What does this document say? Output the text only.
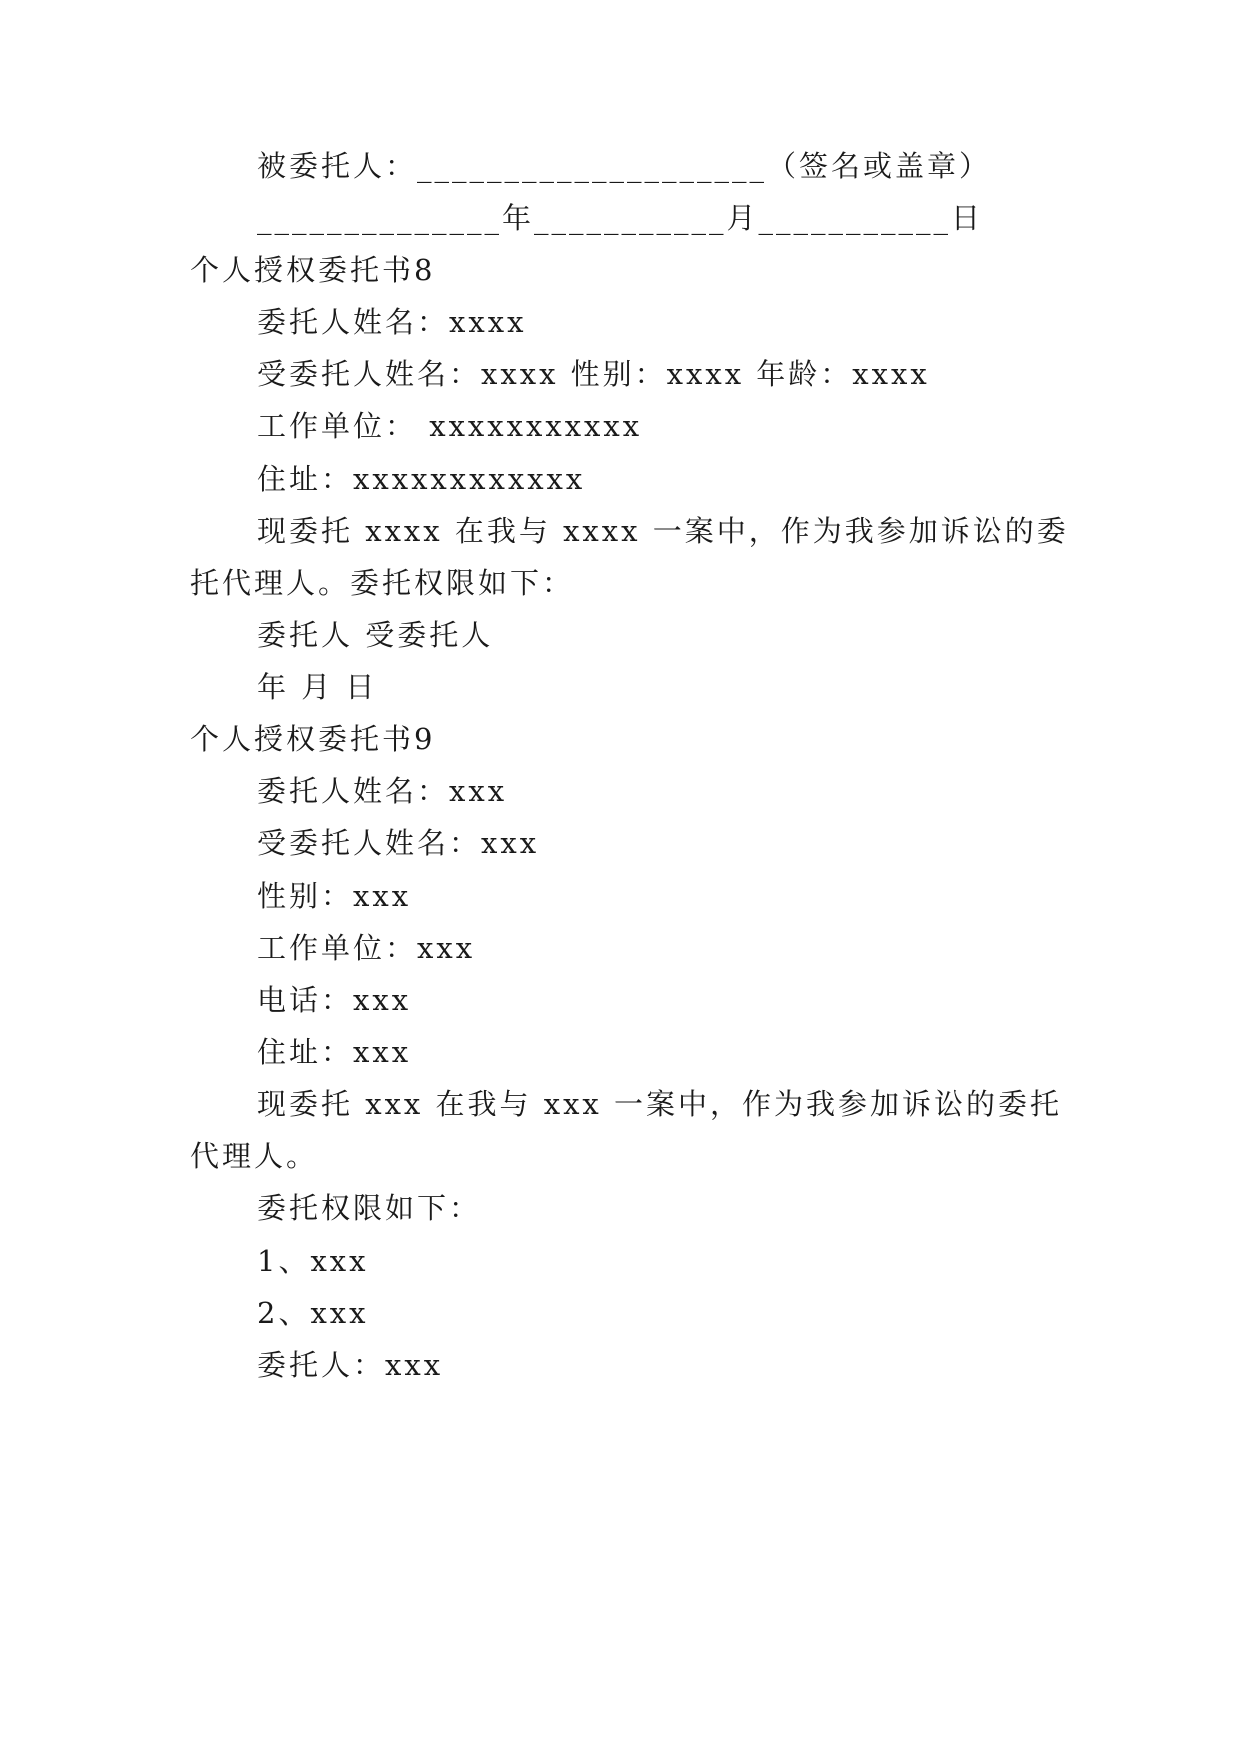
被委托人：____________________（签名或盖章）
______________年___________月___________日
个人授权委托书8
委托人姓名：xxxx
受委托人姓名：xxxx 性别：xxxx 年龄：xxxx
工作单位： xxxxxxxxxxx
住址：xxxxxxxxxxxx
现委托 xxxx 在我与 xxxx 一案中，作为我参加诉讼的委
托代理人。委托权限如下：
委托人 受委托人
年 月 日
个人授权委托书9
委托人姓名：xxx
受委托人姓名：xxx
性别：xxx
工作单位：xxx
电话：xxx
住址：xxx
现委托 xxx 在我与 xxx 一案中，作为我参加诉讼的委托
代理人。
委托权限如下：
1、xxx
2、xxx
委托人：xxx
